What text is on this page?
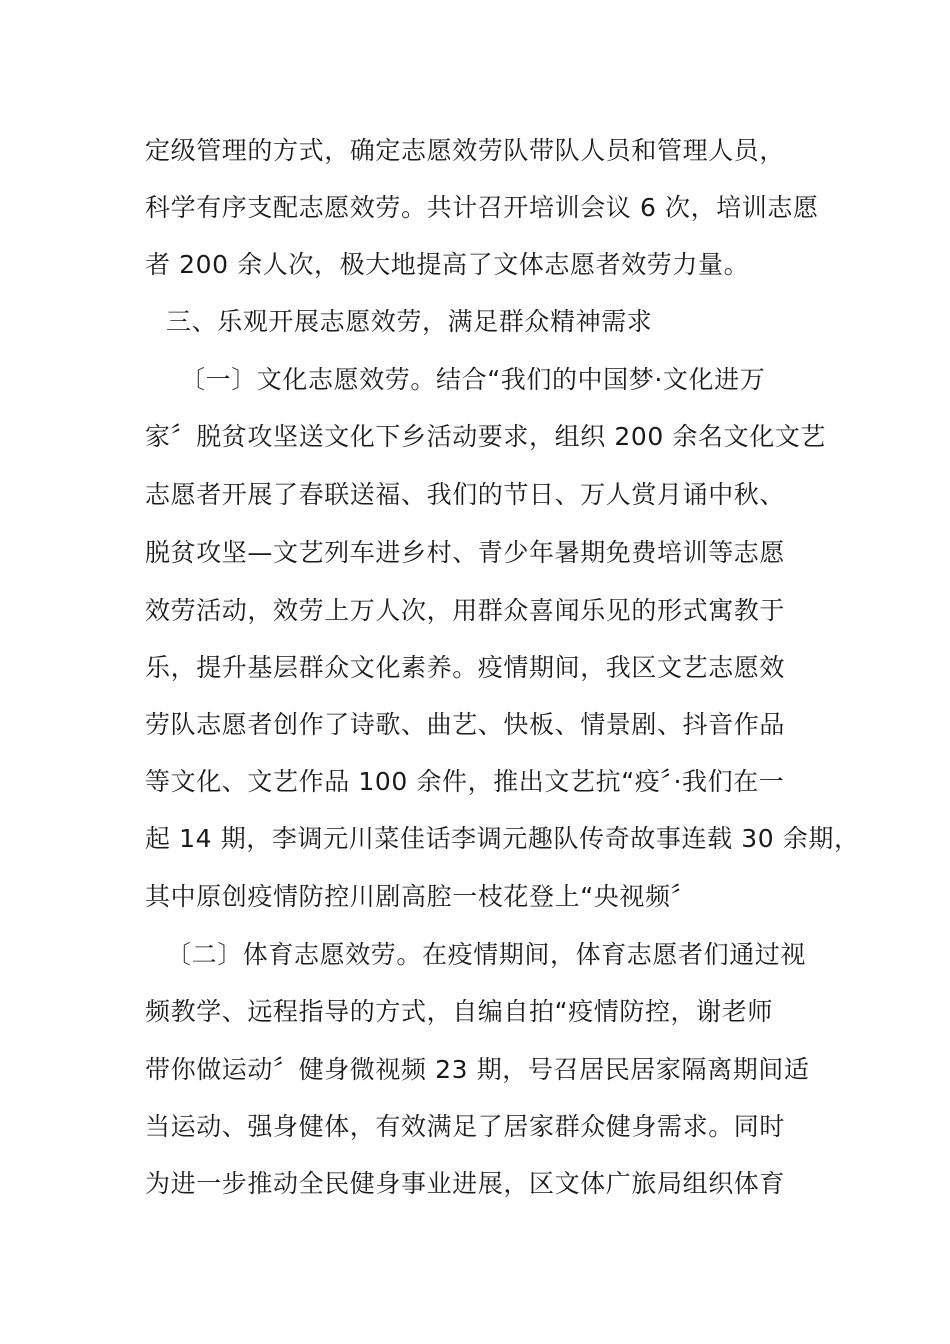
定级管理的方式，确定志愿效劳队带队人员和管理人员，
科学有序支配志愿效劳。共计召开培训会议 6 次，培训志愿
者 200 余人次，极大地提高了文体志愿者效劳力量。
三、乐观开展志愿效劳，满足群众精神需求
〔一〕文化志愿效劳。结合“我们的中国梦·文化进万
家〞脱贫攻坚送文化下乡活动要求，组织 200 余名文化文艺
志愿者开展了春联送福、我们的节日、万人赏月诵中秋、
脱贫攻坚—文艺列车进乡村、青少年暑期免费培训等志愿
效劳活动，效劳上万人次，用群众喜闻乐见的形式寓教于
乐，提升基层群众文化素养。疫情期间，我区文艺志愿效
劳队志愿者创作了诗歌、曲艺、快板、情景剧、抖音作品
等文化、文艺作品 100 余件，推出文艺抗“疫〞·我们在一
起 14 期，李调元川菜佳话李调元趣队传奇故事连载 30 余期，
其中原创疫情防控川剧高腔一枝花登上“央视频〞
〔二〕体育志愿效劳。在疫情期间，体育志愿者们通过视
频教学、远程指导的方式，自编自拍“疫情防控，谢老师
带你做运动〞健身微视频 23 期，号召居民居家隔离期间适
当运动、强身健体，有效满足了居家群众健身需求。同时
为进一步推动全民健身事业进展，区文体广旅局组织体育
